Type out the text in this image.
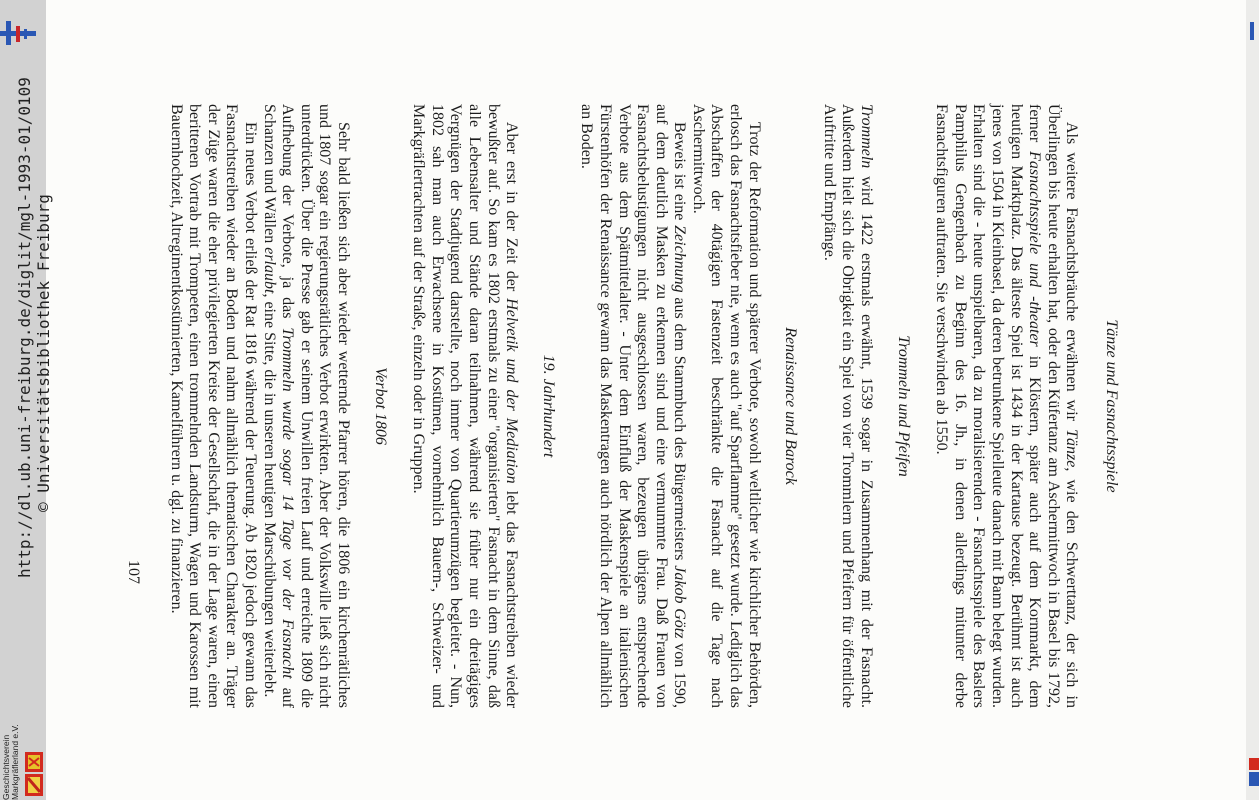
http://dl.ub.uni-freiburg.de/diglit/mgl-1993-01/0109 © Universitätsbibliothek Freiburg
Geschichtsverein Markgräflerland e.V.
Tänze und Fasnachtsspiele

Als weitere Fasnachtsbräuche erwähnen wir Tänze, wie den Schwerttanz, der sich in Überlingen bis heute erhalten hat, oder den Küfertanz am Aschermittwoch in Basel bis 1792, ferner Fasnachtsspiele und -theater in Klöstern, später auch auf dem Kornmarkt, dem heutigen Marktplatz. Das älteste Spiel ist 1434 in der Kartause bezeugt. Berühmt ist auch jenes von 1504 in Kleinbasel, da deren betrunkene Spielleute danach mit Bann belegt wurden. Erhalten sind die - heute unspielbaren, da zu moralisierenden - Fasnachtsspiele des Baslers Pamphilus Gengenbach zu Beginn des 16. Jh., in denen allerdings mitunter derbe Fasnachtsfiguren auftraten. Sie verschwinden ab 1550.

Trommeln und Pfeifen

Trommeln wird 1422 erstmals erwähnt, 1539 sogar in Zusammenhang mit der Fasnacht. Außerdem hielt sich die Obrigkeit ein Spiel von vier Trommlern und Pfeifern für öffentliche Auftritte und Empfänge.

Renaissance und Barock

Trotz der Reformation und späterer Verbote, sowohl weltlicher wie kirchlicher Behörden, erlosch das Fasnachtsfieber nie, wenn es auch "auf Sparflamme" gesetzt wurde. Lediglich das Abschaffen der 40tägigen Fastenzeit beschränkte die Fasnacht auf die Tage nach Aschermittwoch.

Beweis ist eine Zeichnung aus dem Stammbuch des Bürgermeisters Jakob Götz von 1590, auf dem deutlich Masken zu erkennen sind und eine vermummte Frau. Daß Frauen von Fasnachtsbelustigungen nicht ausgeschlossen waren, bezeugen übrigens entsprechende Verbote aus dem Spätmittelalter. - Unter dem Einfluß der Maskenspiele an italienischen Fürstenhöfen der Renaissance gewann das Maskentragen auch nördlich der Alpen allmählich an Boden.

19. Jahrhundert

Aber erst in der Zeit der Helvetik und der Mediation lebt das Fasnachtstreiben wieder bewußter auf. So kam es 1802 erstmals zu einer "organisierten" Fasnacht in dem Sinne, daß alle Lebensalter und Stände daran teilnahmen, während sie früher nur ein dreitägiges Vergnügen der Stadtjugend darstellte, noch immer von Quartierumzügen begleitet. - Nun, 1802 sah man auch Erwachsene in Kostümen, vornehmlich Bauern-, Schweizer- und Markgräflertrachten auf der Straße, einzeln oder in Gruppen.

Verbot 1806

Sehr bald ließen sich aber wieder wetternde Pfarrer hören, die 1806 ein kirchenrätliches und 1807 sogar ein regierungsrätliches Verbot erwirkten. Aber der Volkswille ließ sich nicht unterdrücken. Über die Presse gab er seinem Unwillen freien Lauf und erreichte 1809 die Aufhebung der Verbote, ja das Trommeln wurde sogar 14 Tage vor der Fasnacht auf Schanzen und Wällen erlaubt, eine Sitte, die in unseren heutigen Marschübungen weiterlebt.

Ein neues Verbot erließ der Rat 1816 während der Teuerung. Ab 1820 jedoch gewann das Fasnachtstreiben wieder an Boden und nahm allmählich thematischen Charakter an. Träger der Züge waren die eher privilegierten Kreise der Gesellschaft, die in der Lage waren, einen berittenen Vortrab mit Trompeten, einen trommelnden Landsturm, Wagen und Karossen mit Bauernhochzeit, Altregimentkostümierten, Kamelführern u. dgl. zu finanzieren.

107
